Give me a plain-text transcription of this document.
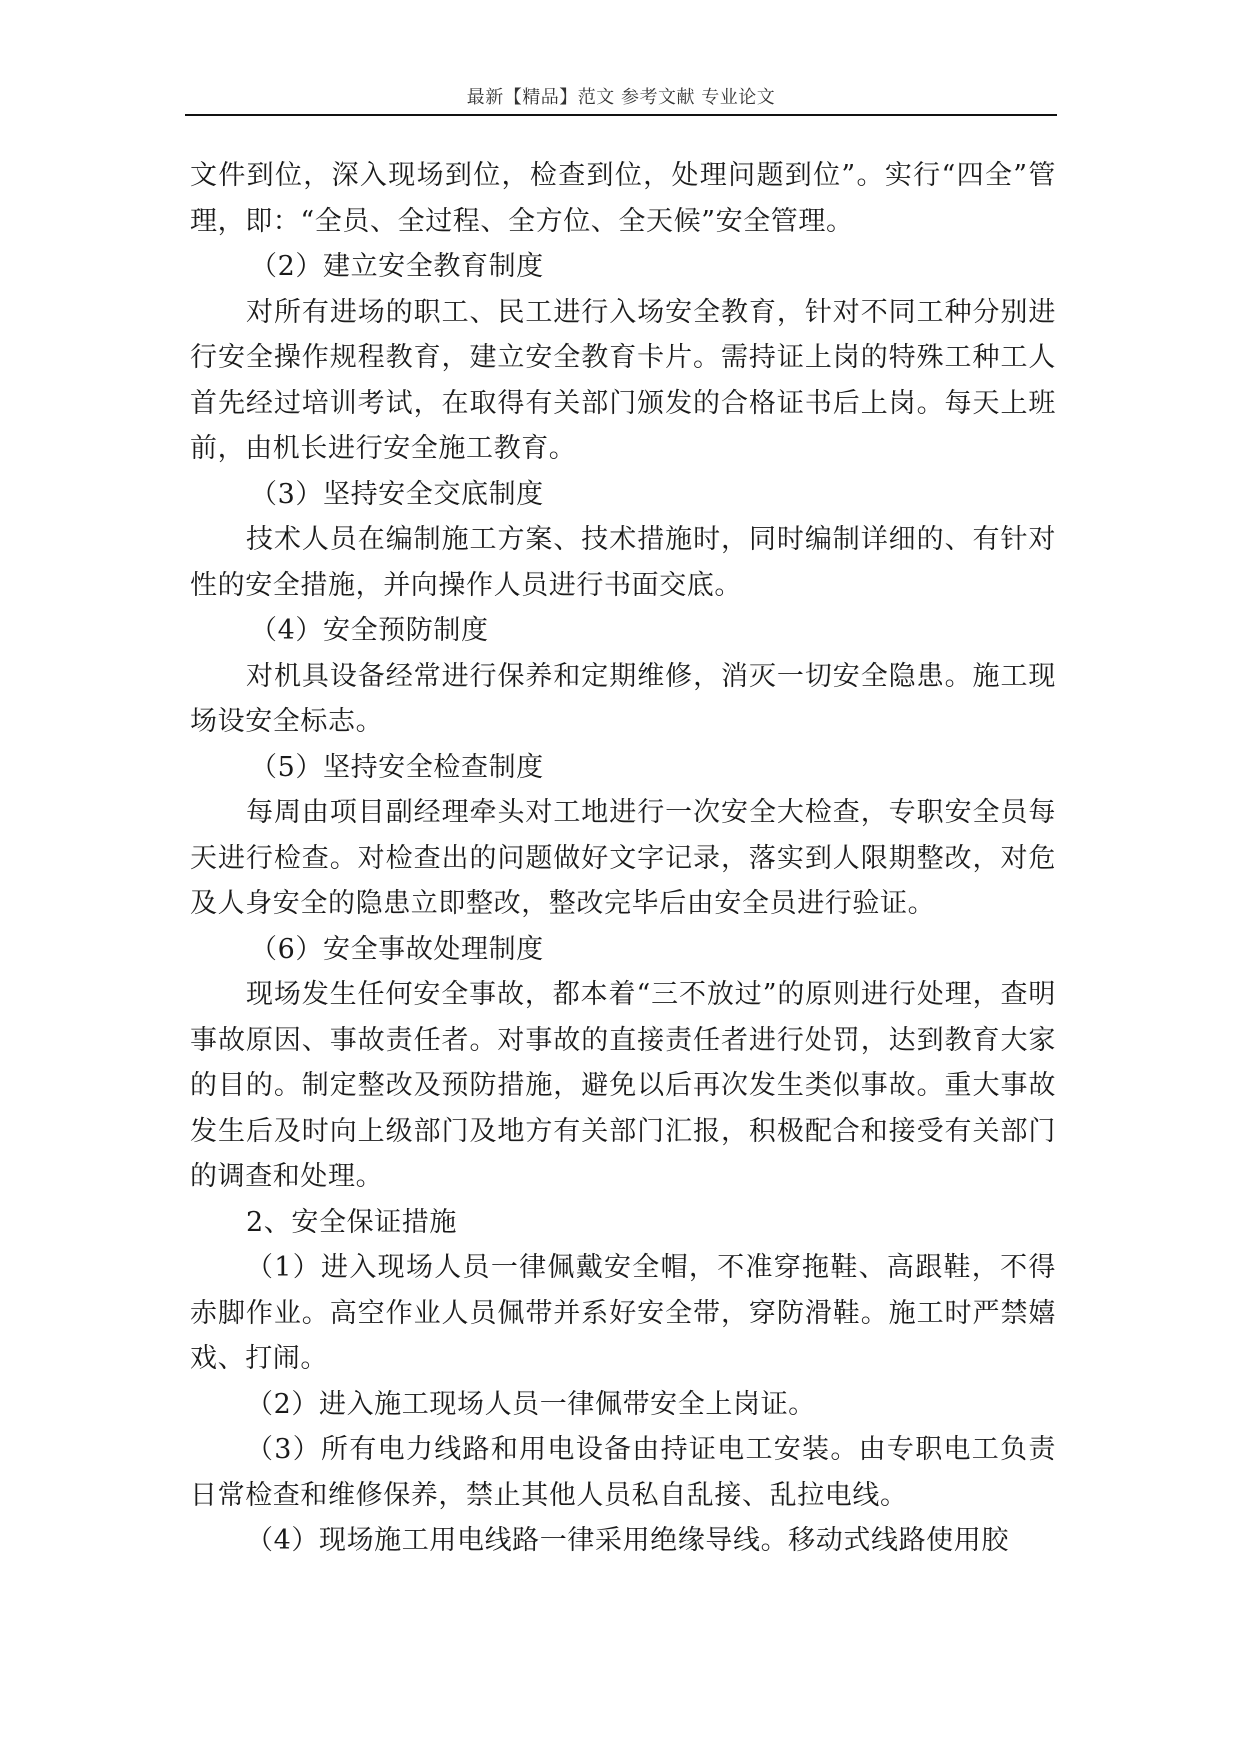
最新【精品】范文 参考文献 专业论文

文件到位，深入现场到位，检查到位，处理问题到位”。实行“四全”管理，即：“全员、全过程、全方位、全天候”安全管理。

（2）建立安全教育制度

对所有进场的职工、民工进行入场安全教育，针对不同工种分别进行安全操作规程教育，建立安全教育卡片。需持证上岗的特殊工种工人首先经过培训考试，在取得有关部门颁发的合格证书后上岗。每天上班前，由机长进行安全施工教育。

（3）坚持安全交底制度

技术人员在编制施工方案、技术措施时，同时编制详细的、有针对性的安全措施，并向操作人员进行书面交底。

（4）安全预防制度

对机具设备经常进行保养和定期维修，消灭一切安全隐患。施工现场设安全标志。

（5）坚持安全检查制度

每周由项目副经理牵头对工地进行一次安全大检查，专职安全员每天进行检查。对检查出的问题做好文字记录，落实到人限期整改，对危及人身安全的隐患立即整改，整改完毕后由安全员进行验证。

（6）安全事故处理制度

现场发生任何安全事故，都本着“三不放过”的原则进行处理，查明事故原因、事故责任者。对事故的直接责任者进行处罚，达到教育大家的目的。制定整改及预防措施，避免以后再次发生类似事故。重大事故发生后及时向上级部门及地方有关部门汇报，积极配合和接受有关部门的调查和处理。

2、安全保证措施

（1）进入现场人员一律佩戴安全帽，不准穿拖鞋、高跟鞋，不得赤脚作业。高空作业人员佩带并系好安全带，穿防滑鞋。施工时严禁嬉戏、打闹。

（2）进入施工现场人员一律佩带安全上岗证。

（3）所有电力线路和用电设备由持证电工安装。由专职电工负责日常检查和维修保养，禁止其他人员私自乱接、乱拉电线。

（4）现场施工用电线路一律采用绝缘导线。移动式线路使用胶
